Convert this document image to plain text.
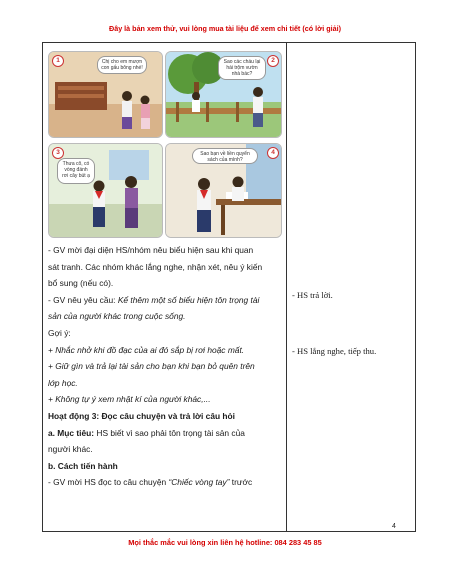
Đây là bản xem thử, vui lòng mua tài liệu để xem chi tiết (có lời giải)
1	Chị cho em mượn con gấu bông nhé!
2
Sao các cháu lại hái trộm vườn nhà bác?
3
Thưa cô, có vòng đánh rơi cây bút ạ
4
Sao bạn về liền quyển sách của mình?
- GV mời đại diện HS/nhóm nêu biểu hiện sau khi quan
sát tranh. Các nhóm khác lắng nghe, nhận xét, nêu ý kiến
bổ sung (nếu có).
- GV nêu yêu cầu: Kể thêm một số biểu hiện tôn trọng tài
sản của người khác trong cuộc sống.
Gợi ý:
+ Nhắc nhở khi đồ đạc của ai đó sắp bị rơi hoặc mất.
+ Giữ gìn và trả lại tài sản cho bạn khi bạn bỏ quên trên
lớp học.
+ Không tự ý xem nhật kí của người khác,...
Hoạt động 3: Đọc câu chuyện và trả lời câu hỏi
a. Mục tiêu: HS biết vì sao phải tôn trọng tài sản của
người khác.
b. Cách tiến hành
- GV mời HS đọc to câu chuyện “Chiếc vòng tay” trước
- HS trả lời.
- HS lắng nghe, tiếp thu.
4
Mọi thắc mắc vui lòng xin liên hệ hotline: 084 283 45 85
